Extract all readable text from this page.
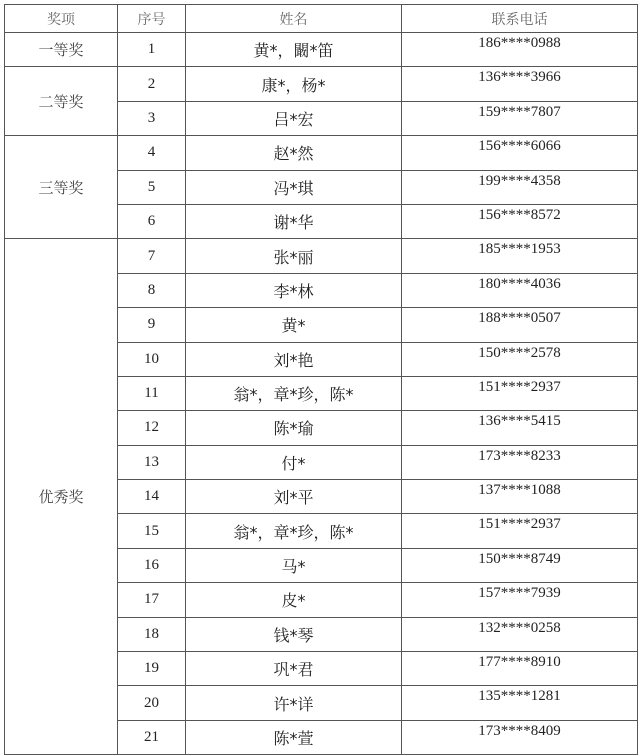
奖项	序号	姓名	联系电话
一等奖	1	黄*，闞*笛	186****0988
二等奖	2	康*，杨*	136****3966
	3	吕*宏	159****7807
三等奖	4	赵*然	156****6066
	5	冯*琪	199****4358
	6	谢*华	156****8572
优秀奖	7	张*丽	185****1953
	8	李*林	180****4036
	9	黄*	188****0507
	10	刘*艳	150****2578
	11	翁*，章*珍，陈*	151****2937
	12	陈*瑜	136****5415
	13	付*	173****8233
	14	刘*平	137****1088
	15	翁*，章*珍，陈*	151****2937
	16	马*	150****8749
	17	皮*	157****7939
	18	钱*琴	132****0258
	19	巩*君	177****8910
	20	许*详	135****1281
	21	陈*萱	173****8409
